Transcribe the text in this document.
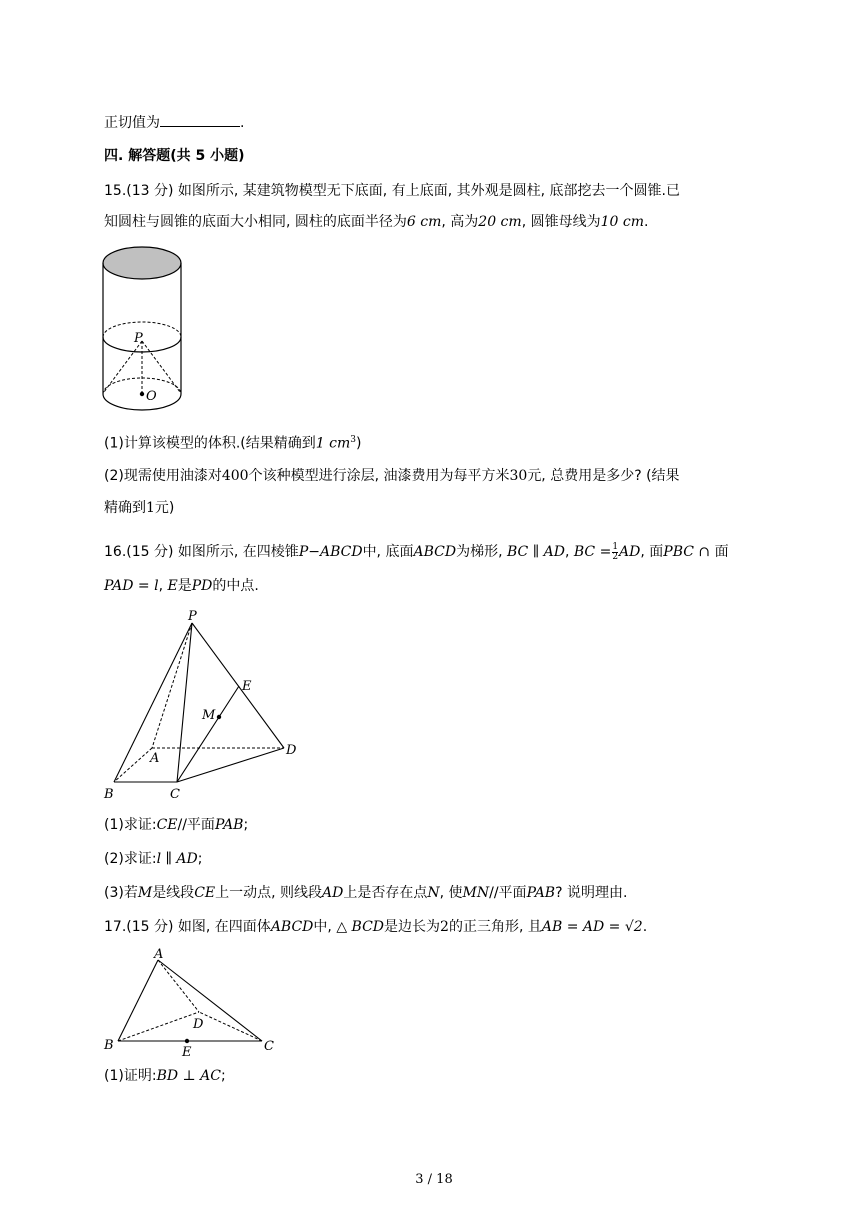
正切值为	.
四. 解答题(共 5 小题)
15.(13 分) 如图所示, 某建筑物模型无下底面, 有上底面, 其外观是圆柱, 底部挖去一个圆锥.已
知圆柱与圆锥的底面大小相同, 圆柱的底面半径为6 cm, 高为20 cm, 圆锥母线为10 cm.
P
O
(1)计算该模型的体积.(结果精确到1 $cm^3$)
(2)现需使用油漆对400个该种模型进行涂层, 油漆费用为每平方米30元, 总费用是多少? (结果
精确到1元)
16.(15 分) 如图所示, 在四棱锥P−ABCD中, 底面ABCD为梯形, BC ∥ AD, BC = $\frac{1}{2}$ AD, 面PBC ∩ 面
PAD = l, E是PD的中点.
P
E
M
A
D
B	C
(1)求证:CE//平面PAB;
(2)求证:l ∥ AD;
(3)若M是线段CE上一动点, 则线段AD上是否存在点N, 使MN//平面PAB? 说明理由.
17.(15 分) 如图, 在四面体ABCD中, △ BCD是边长为2的正三角形, 且AB = AD = √2.
A
D
B	E	C
(1)证明:BD ⊥ AC;
3 / 18
